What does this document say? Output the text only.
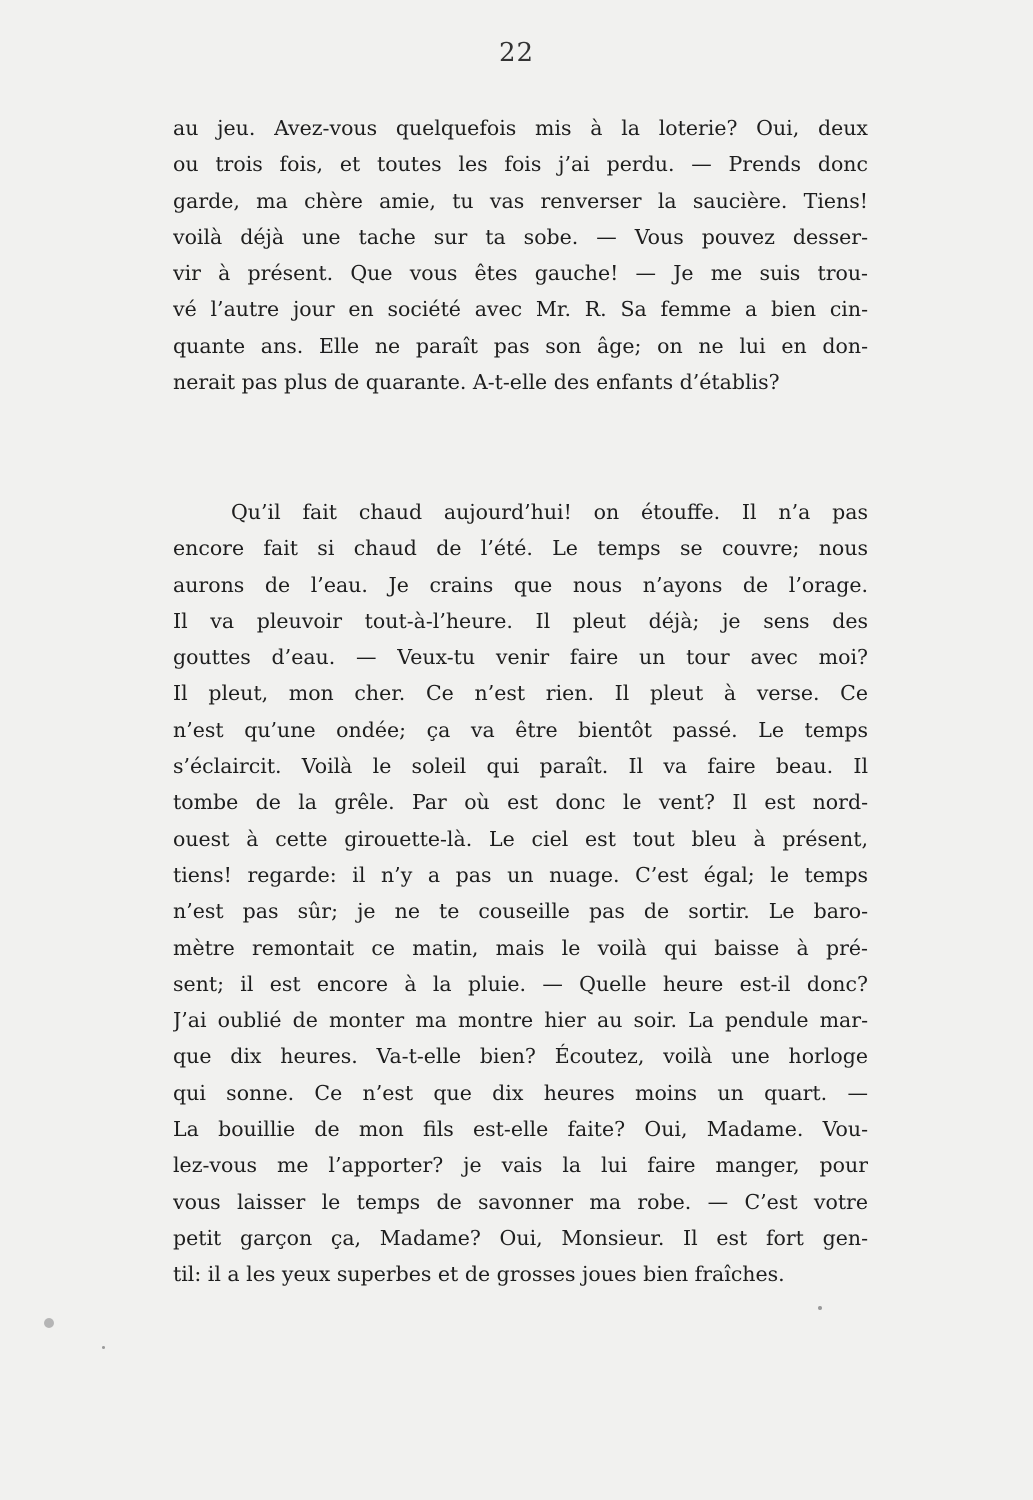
22
au jeu. Avez-vous quelquefois mis à la loterie? Oui, deux
ou trois fois, et toutes les fois j’ai perdu. — Prends donc
garde, ma chère amie, tu vas renverser la saucière. Tiens!
voilà déjà une tache sur ta sobe. — Vous pouvez desser-
vir à présent. Que vous êtes gauche! — Je me suis trou-
vé l’autre jour en société avec Mr. R. Sa femme a bien cin-
quante ans. Elle ne paraît pas son âge; on ne lui en don-
nerait pas plus de quarante. A-t-elle des enfants d’établis?
Qu’il fait chaud aujourd’hui! on étouffe. Il n’a pas
encore fait si chaud de l’été. Le temps se couvre; nous
aurons de l’eau. Je crains que nous n’ayons de l’orage.
Il va pleuvoir tout-à-l’heure. Il pleut déjà; je sens des
gouttes d’eau. — Veux-tu venir faire un tour avec moi?
Il pleut, mon cher. Ce n’est rien. Il pleut à verse. Ce
n’est qu’une ondée; ça va être bientôt passé. Le temps
s’éclaircit. Voilà le soleil qui paraît. Il va faire beau. Il
tombe de la grêle. Par où est donc le vent? Il est nord-
ouest à cette girouette-là. Le ciel est tout bleu à présent,
tiens! regarde: il n’y a pas un nuage. C’est égal; le temps
n’est pas sûr; je ne te couseille pas de sortir. Le baro-
mètre remontait ce matin, mais le voilà qui baisse à pré-
sent; il est encore à la pluie. — Quelle heure est-il donc?
J’ai oublié de monter ma montre hier au soir. La pendule mar-
que dix heures. Va-t-elle bien? Écoutez, voilà une horloge
qui sonne. Ce n’est que dix heures moins un quart. —
La bouillie de mon fils est-elle faite? Oui, Madame. Vou-
lez-vous me l’apporter? je vais la lui faire manger, pour
vous laisser le temps de savonner ma robe. — C’est votre
petit garçon ça, Madame? Oui, Monsieur. Il est fort gen-
til: il a les yeux superbes et de grosses joues bien fraîches.
